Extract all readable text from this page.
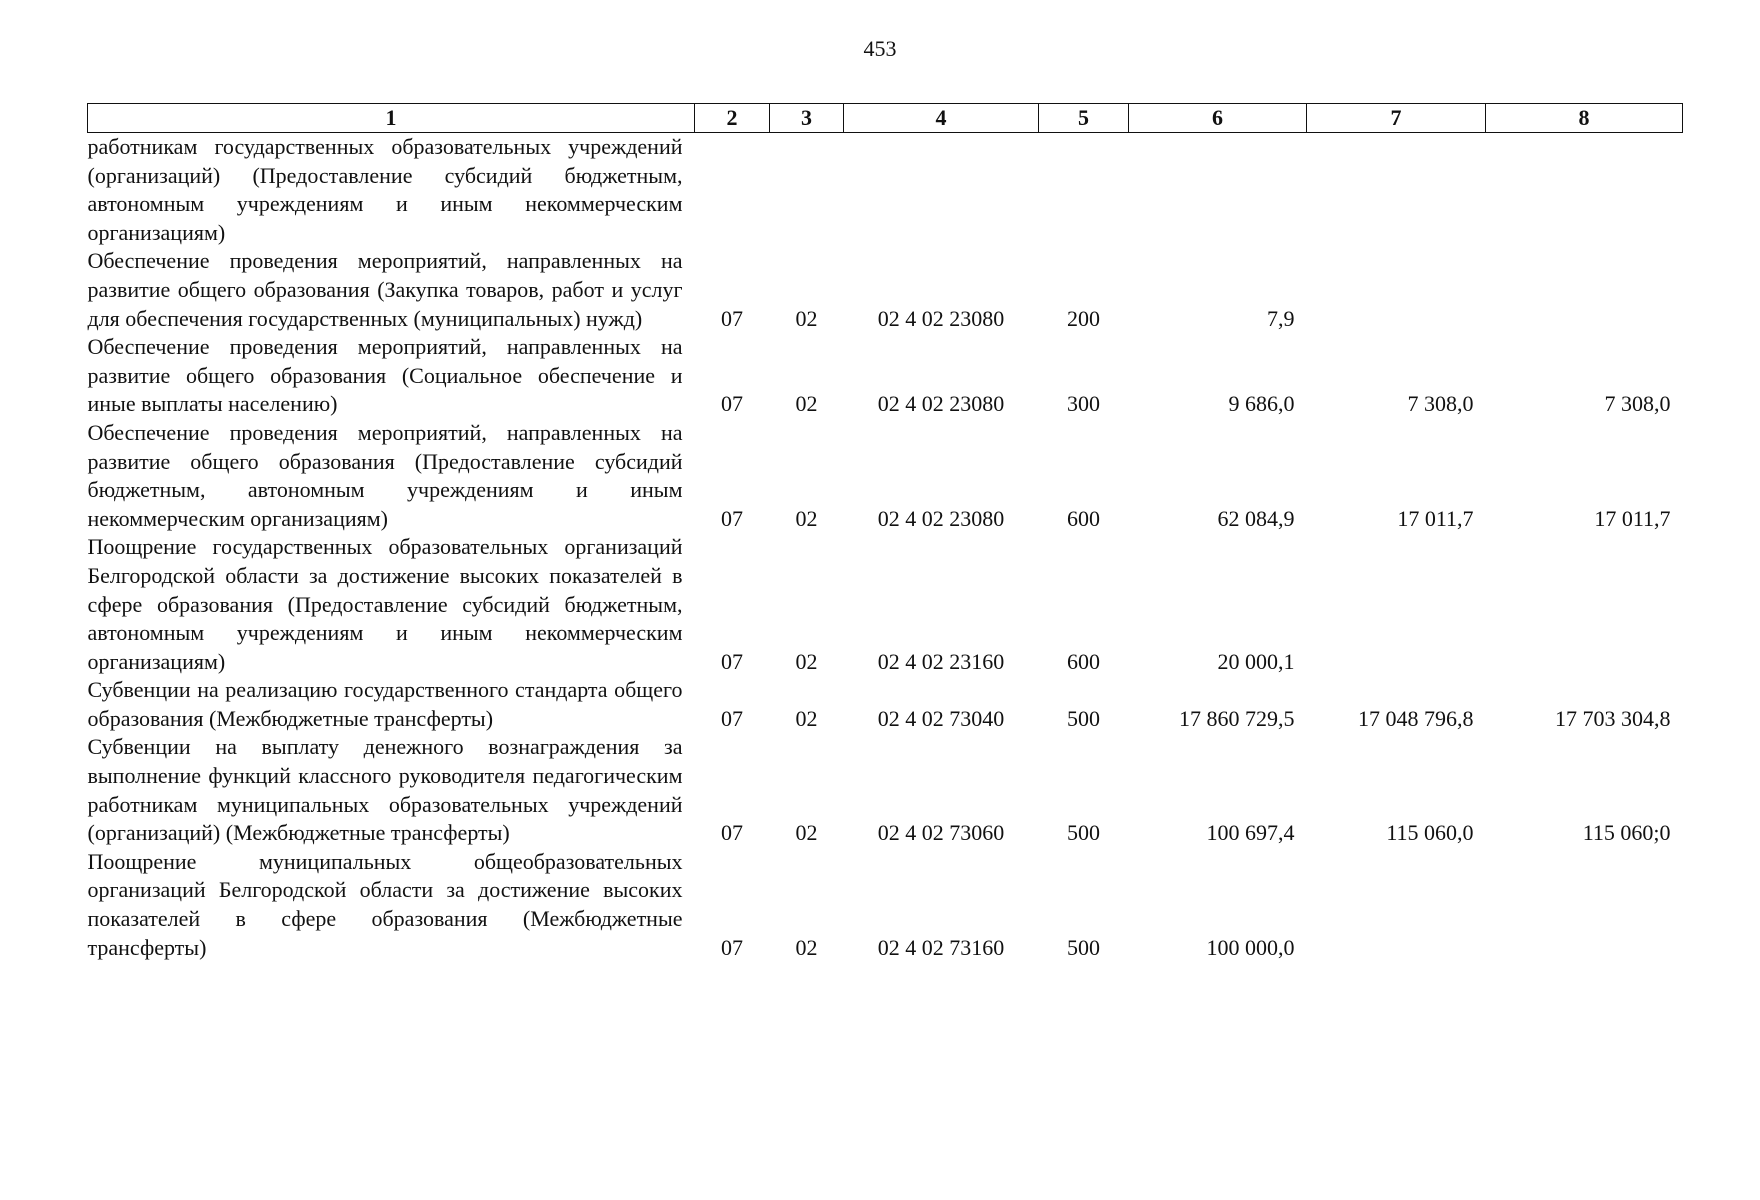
453
1	2	3	4	5	6	7	8
работникам государственных образовательных учреждений (организаций) (Предоставление субсидий бюджетным, автономным учреждениям и иным некоммерческим организациям)							
Обеспечение проведения мероприятий, направленных на развитие общего образования (Закупка товаров, работ и услуг для обеспечения государственных (муниципальных) нужд)	07	02	02 4 02 23080	200	7,9		
Обеспечение проведения мероприятий, направленных на развитие общего образования (Социальное обеспечение и иные выплаты населению)	07	02	02 4 02 23080	300	9 686,0	7 308,0	7 308,0
Обеспечение проведения мероприятий, направленных на развитие общего образования (Предоставление субсидий бюджетным, автономным учреждениям и иным некоммерческим организациям)	07	02	02 4 02 23080	600	62 084,9	17 011,7	17 011,7
Поощрение государственных образовательных организаций Белгородской области за достижение высоких показателей в сфере образования (Предоставление субсидий бюджетным, автономным учреждениям и иным некоммерческим организациям)	07	02	02 4 02 23160	600	20 000,1		
Субвенции на реализацию государственного стандарта общего образования (Межбюджетные трансферты)	07	02	02 4 02 73040	500	17 860 729,5	17 048 796,8	17 703 304,8
Субвенции на выплату денежного вознаграждения за выполнение функций классного руководителя педагогическим работникам муниципальных образовательных учреждений (организаций) (Межбюджетные трансферты)	07	02	02 4 02 73060	500	100 697,4	115 060,0	115 060;0
Поощрение муниципальных общеобразовательных организаций Белгородской области за достижение высоких показателей в сфере образования (Межбюджетные трансферты)	07	02	02 4 02 73160	500	100 000,0		
